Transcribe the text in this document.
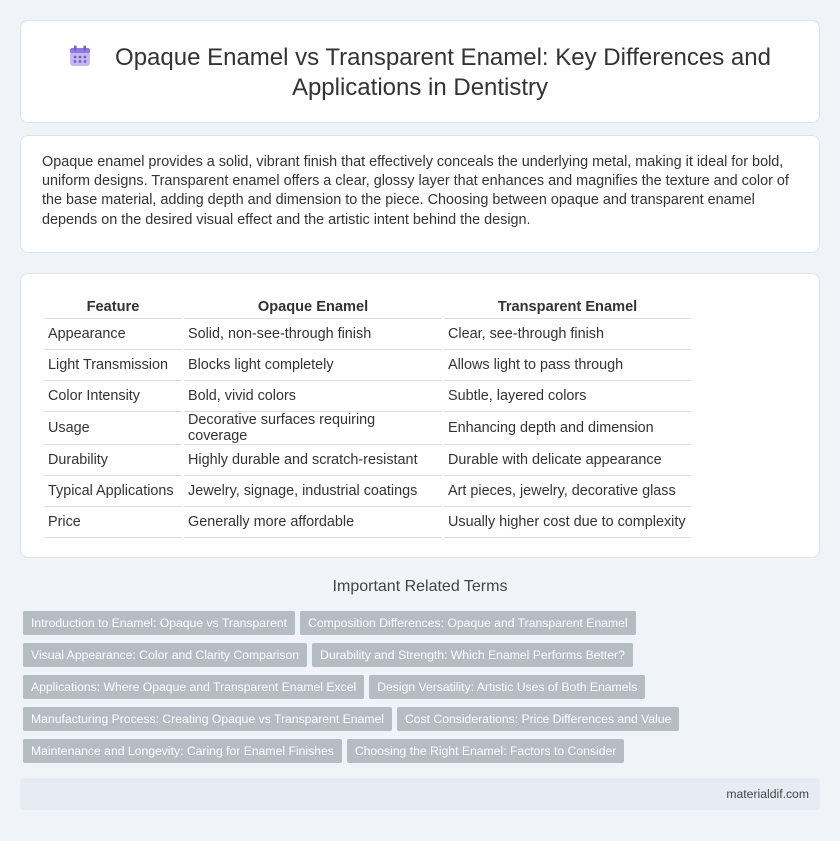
Opaque Enamel vs Transparent Enamel: Key Differences and
Applications in Dentistry

Opaque enamel provides a solid, vibrant finish that effectively conceals the underlying metal, making it ideal for bold, uniform designs. Transparent enamel offers a clear, glossy layer that enhances and magnifies the texture and color of the base material, adding depth and dimension to the piece. Choosing between opaque and transparent enamel depends on the desired visual effect and the artistic intent behind the design.

Feature	Opaque Enamel	Transparent Enamel
Appearance	Solid, non-see-through finish	Clear, see-through finish
Light Transmission	Blocks light completely	Allows light to pass through
Color Intensity	Bold, vivid colors	Subtle, layered colors
Usage	Decorative surfaces requiring coverage	Enhancing depth and dimension
Durability	Highly durable and scratch-resistant	Durable with delicate appearance
Typical Applications	Jewelry, signage, industrial coatings	Art pieces, jewelry, decorative glass
Price	Generally more affordable	Usually higher cost due to complexity
Important Related Terms
Introduction to Enamel: Opaque vs Transparent Composition Differences: Opaque and Transparent Enamel
Visual Appearance: Color and Clarity Comparison Durability and Strength: Which Enamel Performs Better?
Applications: Where Opaque and Transparent Enamel Excel Design Versatility: Artistic Uses of Both Enamels
Manufacturing Process: Creating Opaque vs Transparent Enamel Cost Considerations: Price Differences and Value
Maintenance and Longevity: Caring for Enamel Finishes Choosing the Right Enamel: Factors to Consider
materialdif.com
